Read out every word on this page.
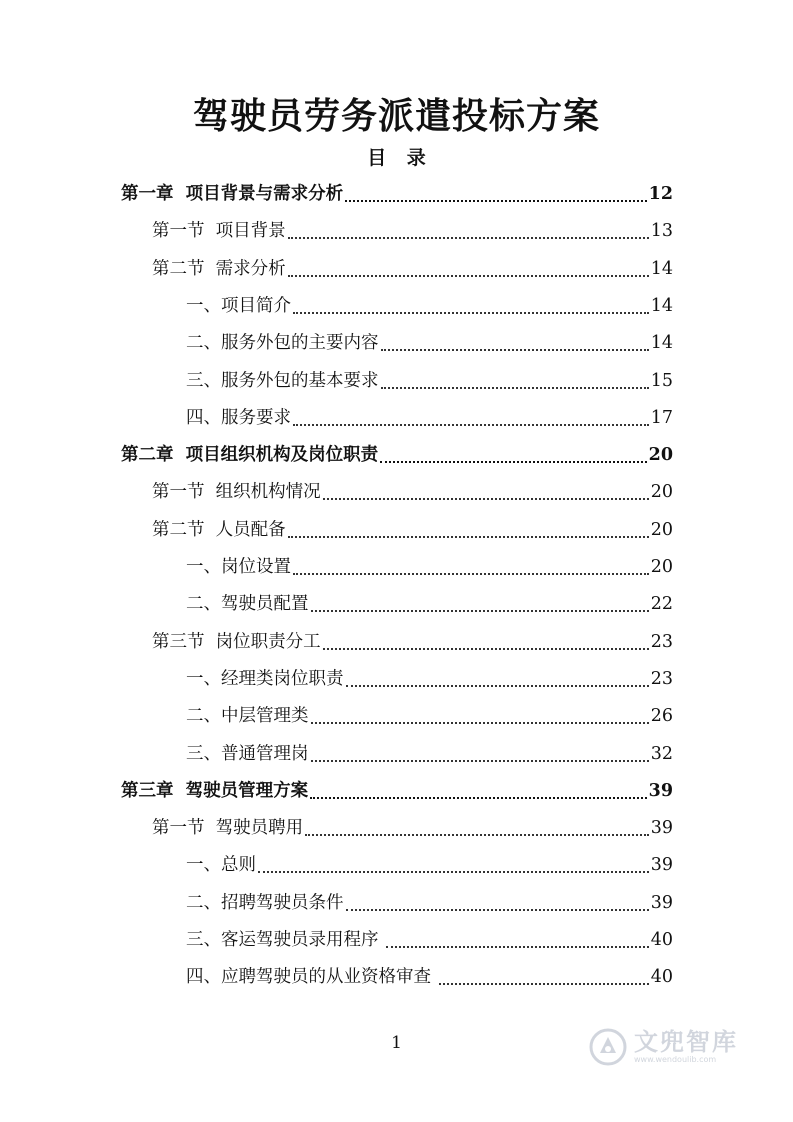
驾驶员劳务派遣投标方案
目 录
第一章  项目背景与需求分析	12
第一节  项目背景	13
第二节  需求分析	14
一、项目简介	14
二、服务外包的主要内容	14
三、服务外包的基本要求	15
四、服务要求	17
第二章  项目组织机构及岗位职责	20
第一节  组织机构情况	20
第二节  人员配备	20
一、岗位设置	20
二、驾驶员配置	22
第三节  岗位职责分工	23
一、经理类岗位职责	23
二、中层管理类	26
三、普通管理岗	32
第三章  驾驶员管理方案	39
第一节  驾驶员聘用	39
一、总则	39
二、招聘驾驶员条件	39
三、客运驾驶员录用程序	40
四、应聘驾驶员的从业资格审查	40
1	文兜智库
www.wendoulib.com
